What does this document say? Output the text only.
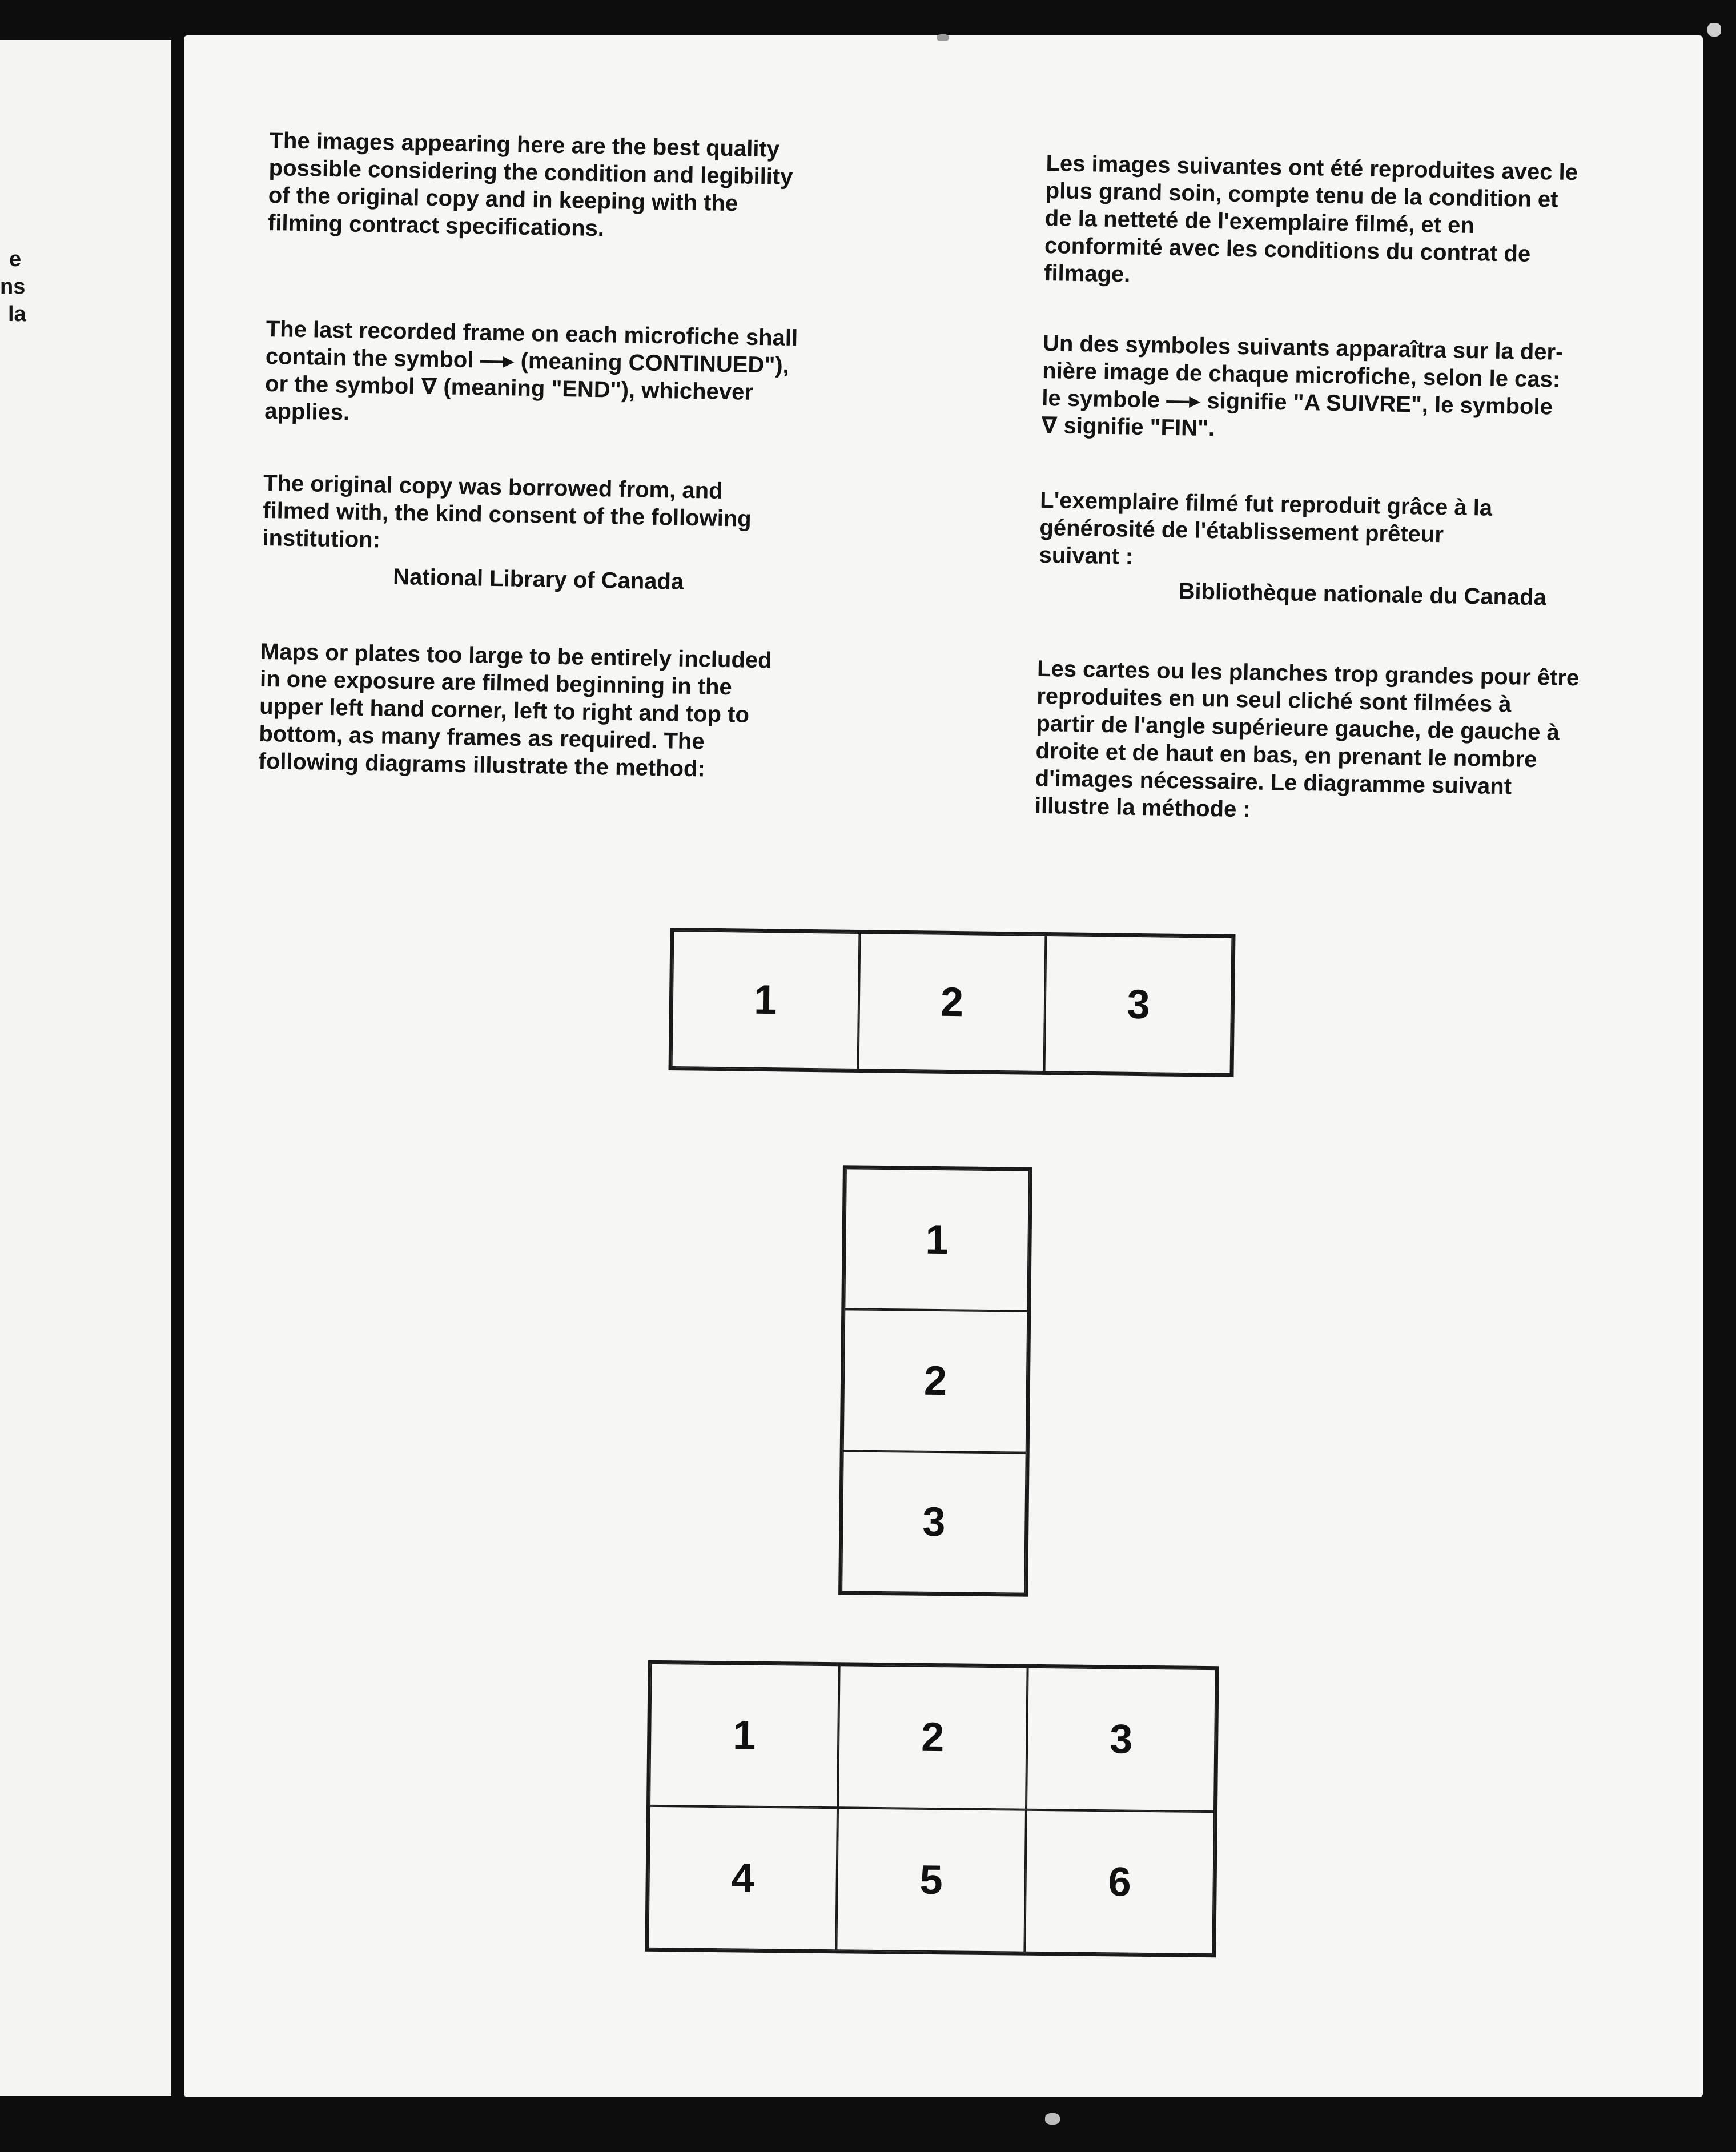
e
ns
la

The images appearing here are the best quality
possible considering the condition and legibility
of the original copy and in keeping with the
filming contract specifications.

The last recorded frame on each microfiche shall
contain the symbol —▸ (meaning CONTINUED"),
or the symbol ∇ (meaning "END"), whichever
applies.

The original copy was borrowed from, and
filmed with, the kind consent of the following
institution:

National Library of Canada

Maps or plates too large to be entirely included
in one exposure are filmed beginning in the
upper left hand corner, left to right and top to
bottom, as many frames as required. The
following diagrams illustrate the method:

Les images suivantes ont été reproduites avec le
plus grand soin, compte tenu de la condition et
de la netteté de l'exemplaire filmé, et en
conformité avec les conditions du contrat de
filmage.

Un des symboles suivants apparaîtra sur la der-
nière image de chaque microfiche, selon le cas:
le symbole —▸ signifie "A SUIVRE", le symbole
∇ signifie "FIN".

L'exemplaire filmé fut reproduit grâce à la
générosité de l'établissement prêteur
suivant :

Bibliothèque nationale du Canada

Les cartes ou les planches trop grandes pour être
reproduites en un seul cliché sont filmées à
partir de l'angle supérieure gauche, de gauche à
droite et de haut en bas, en prenant le nombre
d'images nécessaire. Le diagramme suivant
illustre la méthode :

1	2	3
1
2
3
1	2	3
4	5	6
